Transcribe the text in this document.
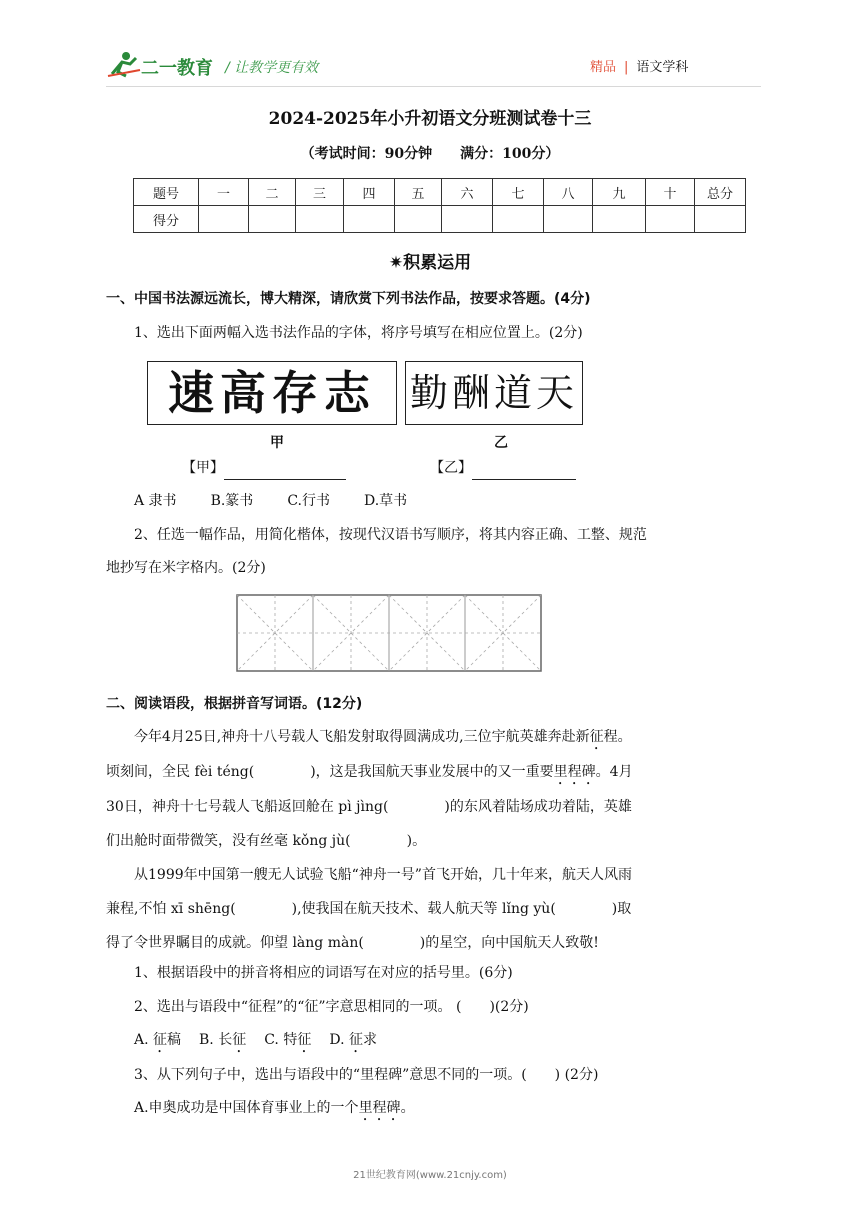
二一教育 / 让教学更有效	精品 | 语文学科
2024-2025年小升初语文分班测试卷十三
（考试时间：90分钟　　满分：100分）
题号	一	二	三	四	五	六	七	八	九	十	总分
得分											
✷积累运用
一、中国书法源远流长，博大精深，请欣赏下列书法作品，按要求答题。(4分)
1、选出下面两幅入选书法作品的字体，将序号填写在相应位置上。(2分)
速高存志 勤酬道天
甲	乙
【甲】	【乙】
A 隶书 B.篆书 C.行书 D.草书
2、任选一幅作品，用简化楷体，按现代汉语书写顺序，将其内容正确、工整、规范
地抄写在米字格内。(2分)
二、阅读语段，根据拼音写词语。(12分)
今年4月25日,神舟十八号载人飞船发射取得圆满成功,三位宇航英雄奔赴新征程。
顷刻间，全民 fèi téng(　　　　)，这是我国航天事业发展中的又一重要里程碑。4月
30日，神舟十七号载人飞船返回舱在 pì jìng(　　　　)的东风着陆场成功着陆，英雄
们出舱时面带微笑，没有丝毫 kǒng jù(　　　　)。
从1999年中国第一艘无人试验飞船“神舟一号”首飞开始，几十年来，航天人风雨
兼程,不怕 xī shēng(　　　　),使我国在航天技术、载人航天等 lǐng yù(　　　　)取
得了令世界瞩目的成就。仰望 làng màn(　　　　)的星空，向中国航天人致敬!
1、根据语段中的拼音将相应的词语写在对应的括号里。(6分)
2、选出与语段中“征程”的“征”字意思相同的一项。 (　　)(2分)
A. 征稿 B. 长征 C. 特征 D. 征求
3、从下列句子中，选出与语段中的“里程碑”意思不同的一项。(　　) (2分)
A.申奥成功是中国体育事业上的一个里程碑。
21世纪教育网(www.21cnjy.com)
